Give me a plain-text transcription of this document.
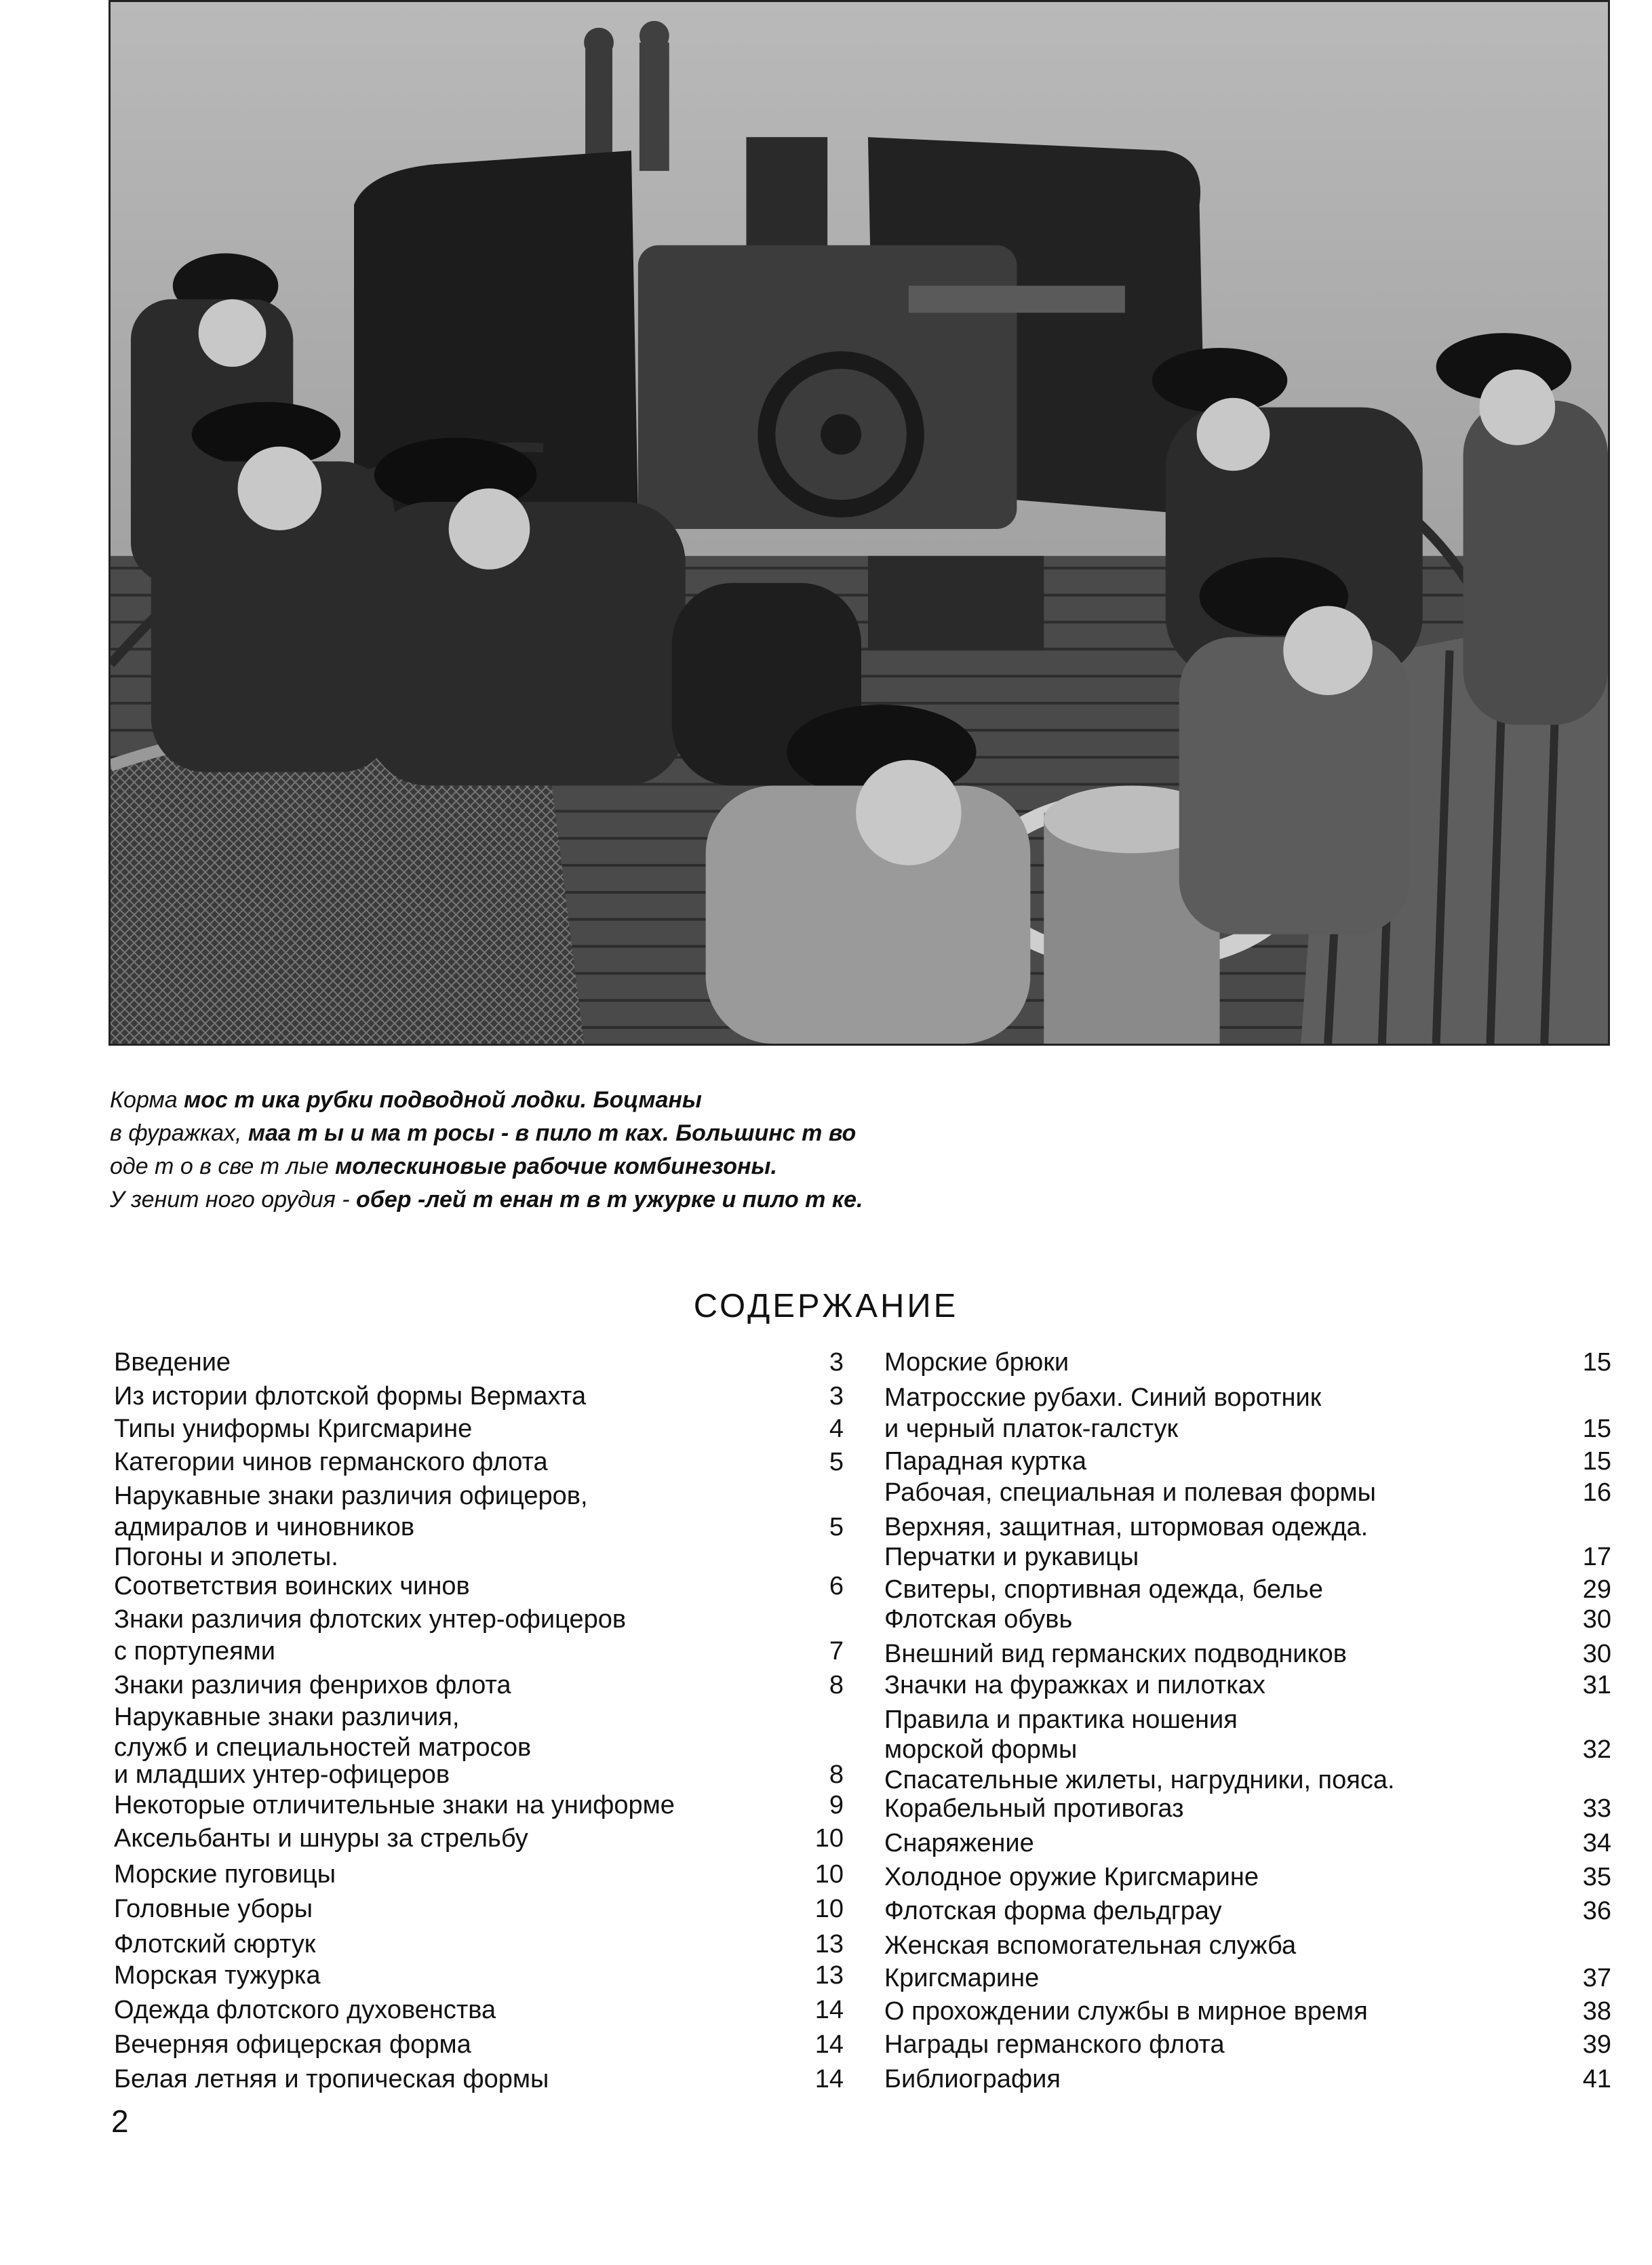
Корма мос т ика рубки подводной лодки. Боцманы
в фуражках, маа т ы и ма т росы - в пило т ках. Большинс т во
оде т о в све т лые молескиновые рабочие комбинезоны.
У зенит ного орудия - обер -лей т енан т в т ужурке и пило т ке.
СОДЕРЖАНИЕ
Введение	3
Из истории флотской формы Вермахта	3
Типы униформы Кригсмарине	4
Категории чинов германского флота	5
Нарукавные знаки различия офицеров,
адмиралов и чиновников	5
Погоны и эполеты.
Соответствия воинских чинов	6
Знаки различия флотских унтер-офицеров
с портупеями	7
Знаки различия фенрихов флота	8
Нарукавные знаки различия,
служб и специальностей матросов
и младших унтер-офицеров	8
Некоторые отличительные знаки на униформе	9
Аксельбанты и шнуры за стрельбу	10
Морские пуговицы	10
Головные уборы	10
Флотский сюртук	13
Морская тужурка	13
Одежда флотского духовенства	14
Вечерняя офицерская форма	14
Белая летняя и тропическая формы	14
Морские брюки	15
Матросские рубахи. Синий воротник
и черный платок-галстук	15
Парадная куртка	15
Рабочая, специальная и полевая формы	16
Верхняя, защитная, штормовая одежда.
Перчатки и рукавицы	17
Свитеры, спортивная одежда, белье	29
Флотская обувь	30
Внешний вид германских подводников	30
Значки на фуражках и пилотках	31
Правила и практика ношения
морской формы	32
Спасательные жилеты, нагрудники, пояса.
Корабельный противогаз	33
Снаряжение	34
Холодное оружие Кригсмарине	35
Флотская форма фельдграу	36
Женская вспомогательная служба
Кригсмарине	37
О прохождении службы в мирное время	38
Награды германского флота	39
Библиография	41
2
